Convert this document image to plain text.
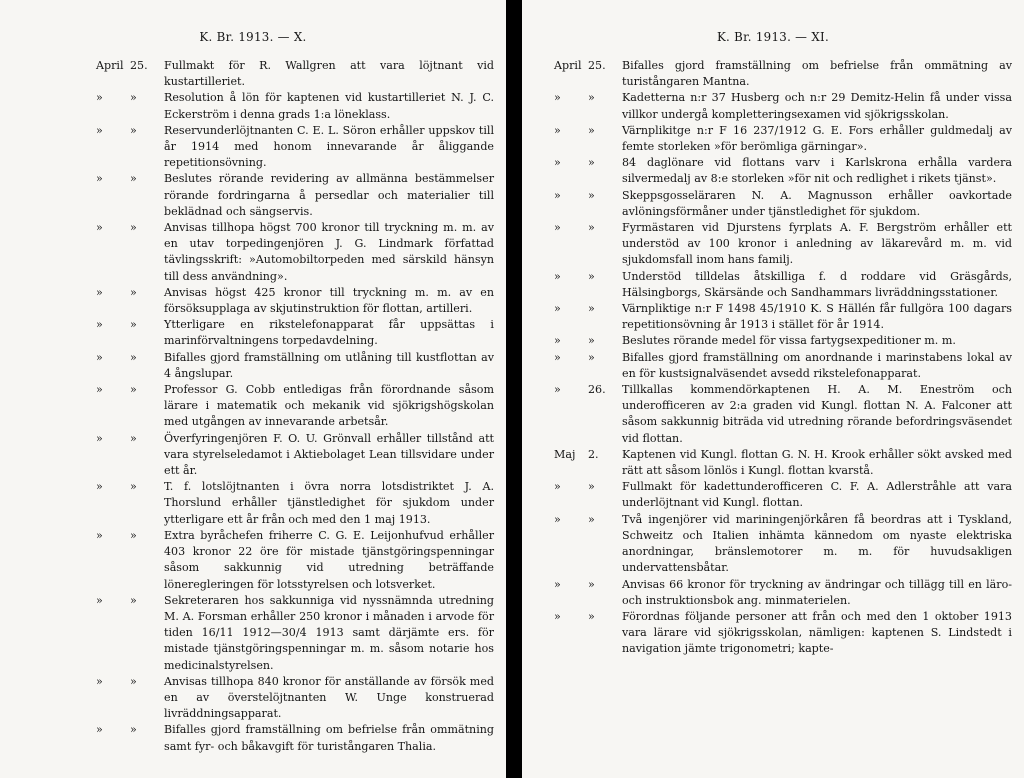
K. Br. 1913. — X.
April 25.	Fullmakt för R. Wallgren att vara löjtnant vid kustartilleriet.
»	»	Resolution å lön för kaptenen vid kustartilleriet N. J. C. Eckerström i denna grads 1:a löneklass.
»	»	Reservunderlöjtnanten C. E. L. Söron erhåller uppskov till år 1914 med honom innevarande år åliggande repetitionsövning.
»	»	Beslutes rörande revidering av allmänna bestämmelser rörande fordringarna å persedlar och materialier till beklädnad och sängservis.
»	»	Anvisas tillhopa högst 700 kronor till tryckning m. m. av en utav torpedingenjören J. G. Lindmark författad tävlingsskrift: »Automobiltorpeden med särskild hänsyn till dess användning».
»	»	Anvisas högst 425 kronor till tryckning m. m. av en försöksupplaga av skjutinstruktion för flottan, artilleri.
»	»	Ytterligare en rikstelefonapparat får uppsättas i marinförvaltningens torpedavdelning.
»	»	Bifalles gjord framställning om utlåning till kustflottan av 4 ångslupar.
»	»	Professor G. Cobb entledigas från förordnande såsom lärare i matematik och mekanik vid sjökrigshögskolan med utgången av innevarande arbetsår.
»	»	Överfyringenjören F. O. U. Grönvall erhåller tillstånd att vara styrelseledamot i Aktiebolaget Lean tillsvidare under ett år.
»	»	T. f. lotslöjtnanten i övra norra lotsdistriktet J. A. Thorslund erhåller tjänstledighet för sjukdom under ytterligare ett år från och med den 1 maj 1913.
»	»	Extra byråchefen friherre C. G. E. Leijonhufvud erhåller 403 kronor 22 öre för mistade tjänstgöringspenningar såsom sakkunnig vid utredning beträffande löneregleringen för lotsstyrelsen och lotsverket.
»	»	Sekreteraren hos sakkunniga vid nyssnämnda utredning M. A. Forsman erhåller 250 kronor i månaden i arvode för tiden 16/11 1912—30/4 1913 samt därjämte ers. för mistade tjänstgöringspenningar m. m. såsom notarie hos medicinalstyrelsen.
»	»	Anvisas tillhopa 840 kronor för anställande av försök med en av överstelöjtnanten W. Unge konstruerad livräddningsapparat.
»	»	Bifalles gjord framställning om befrielse från ommätning samt fyr- och båkavgift för turistångaren Thalia.
K. Br. 1913. — XI.
April 25.	Bifalles gjord framställning om befrielse från ommätning av turistångaren Mantna.
»	»	Kadetterna n:r 37 Husberg och n:r 29 Demitz-Helin få under vissa villkor undergå kompletteringsexamen vid sjökrigsskolan.
»	»	Värnplikitge n:r F 16 237/1912 G. E. Fors erhåller guldmedalj av femte storleken »för berömliga gärningar».
»	»	84 daglönare vid flottans varv i Karlskrona erhålla vardera silvermedalj av 8:e storleken »för nit och redlighet i rikets tjänst».
»	»	Skeppsgossеläraren N. A. Magnusson erhåller oavkortade avlöningsförmåner under tjänstledighet för sjukdom.
»	»	Fyrmästaren vid Djurstens fyrplats A. F. Bergström erhåller ett understöd av 100 kronor i anledning av läkarevård m. m. vid sjukdomsfall inom hans familj.
»	»	Understöd tilldelas åtskilliga f. d roddare vid Gräsgårds, Hälsingborgs, Skärsände och Sandhammars livräddningsstationer.
»	»	Värnpliktige n:r F 1498 45/1910 K. S Hällén får fullgöra 100 dagars repetitionsövning år 1913 i stället för år 1914.
»	»	Beslutes rörande medel för vissa fartygsexpeditioner m. m.
»	»	Bifalles gjord framställning om anordnande i marinstabens lokal av en för kustsignalväsendet avsedd rikstelefonapparat.
»	26.	Tillkallas kommendörkaptenen H. A. M. Eneström och underofficeren av 2:a graden vid Kungl. flottan N. A. Falconer att såsom sakkunnig biträda vid utredning rörande befordringsväsendet vid flottan.
Maj	2.	Kaptenen vid Kungl. flottan G. N. H. Krook erhåller sökt avsked med rätt att såsom lönlös i Kungl. flottan kvarstå.
»	»	Fullmakt för kadettunderofficeren C. F. A. Adlerstråhle att vara underlöjtnant vid Kungl. flottan.
»	»	Två ingenjörer vid mariningenjörkåren få beordras att i Tyskland, Schweitz och Italien inhämta kännedom om nyaste elektriska anordningar, bränslemotorer m. m. för huvudsakligen undervattensbåtar.
»	»	Anvisas 66 kronor för tryckning av ändringar och tillägg till en läro- och instruktionsbok ang. minmaterielen.
»	»	Förordnas följande personer att från och med den 1 oktober 1913 vara lärare vid sjökrigsskolan, nämligen: kaptenen S. Lindstedt i navigation jämte trigonometri; kapte-
